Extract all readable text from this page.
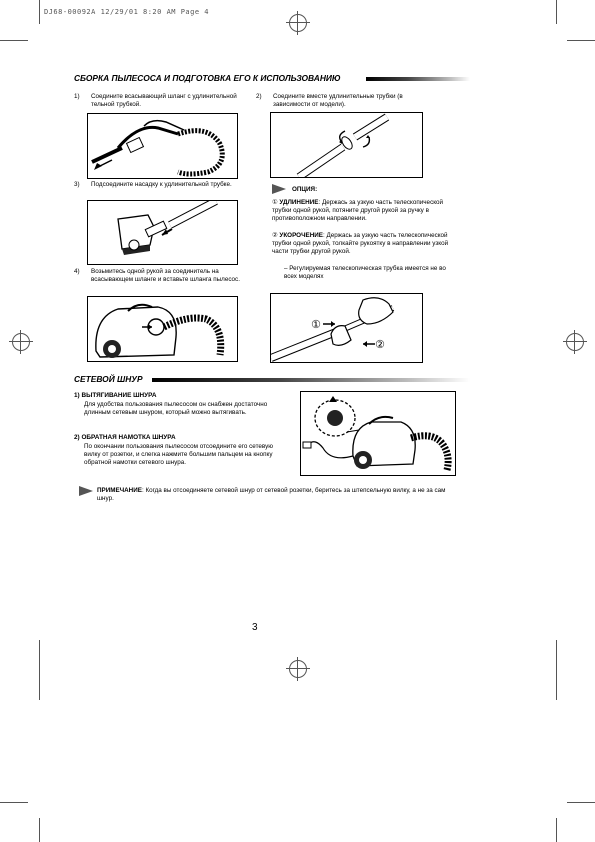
DJ68-00092A 12/29/01 8:20 AM Page 4
СБОРКА ПЫЛЕСОСА И ПОДГОТОВКА ЕГО К ИСПОЛЬЗОВАНИЮ
1) Соедините всасывающий шланг с удлинительной тельной трубкой.
2) Соедините вместе удлинительные трубки (в зависимости от модели).
3) Подсоедините насадку к удлинительной трубке.
ОПЦИЯ:
① УДЛИНЕНИЕ: Держась за узкую часть телескопической трубки одной рукой, потяните другой рукой за ручку в противоположном направлении.
② УКОРОЧЕНИЕ: Держась за узкую часть телескопической трубки одной рукой, толкайте рукоятку в направлении узкой части трубки другой рукой.
– Регулируемая телескопическая трубка имеется не во всех моделях
4) Возьмитесь одной рукой за соединитель на всасывающем шланге и вставьте шланга пылесос.
①
②
СЕТЕВОЙ ШНУР
1) ВЫТЯГИВАНИЕ ШНУРА
Для удобства пользования пылесосом он снабжен достаточно длинным сетевым шнуром, который можно вытягивать.
2) ОБРАТНАЯ НАМОТКА ШНУРА
По окончании пользования пылесосом отсоедините его сетевую вилку от розетки, и слегка нажмите большим пальцем на кнопку обратной намотки сетевого шнура.
ПРИМЕЧАНИЕ: Когда вы отсоединяете сетевой шнур от сетевой розетки, беритесь за штепсельную вилку, а не за сам шнур.
3
